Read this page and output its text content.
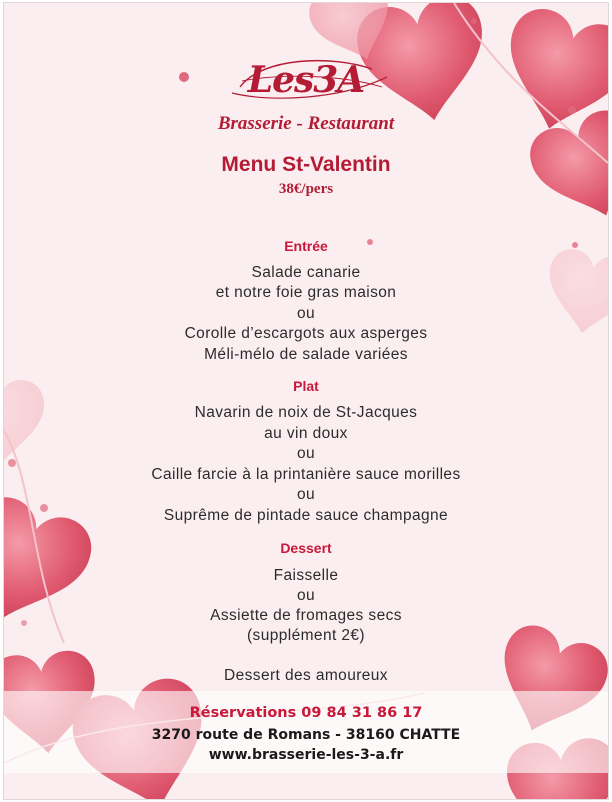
Les3A
Brasserie - Restaurant
Menu St-Valentin
38€/pers
Entrée
Salade canarie
et notre foie gras maison
ou
Corolle d’escargots aux asperges
Méli-mélo de salade variées
Plat
Navarin de noix de St-Jacques
au vin doux
ou
Caille farcie à la printanière sauce morilles
ou
Suprême de pintade sauce champagne
Dessert
Faisselle
ou
Assiette de fromages secs
(supplément 2€)
Dessert des amoureux
Réservations 09 84 31 86 17
3270 route de Romans - 38160 CHATTE
www.brasserie-les-3-a.fr
